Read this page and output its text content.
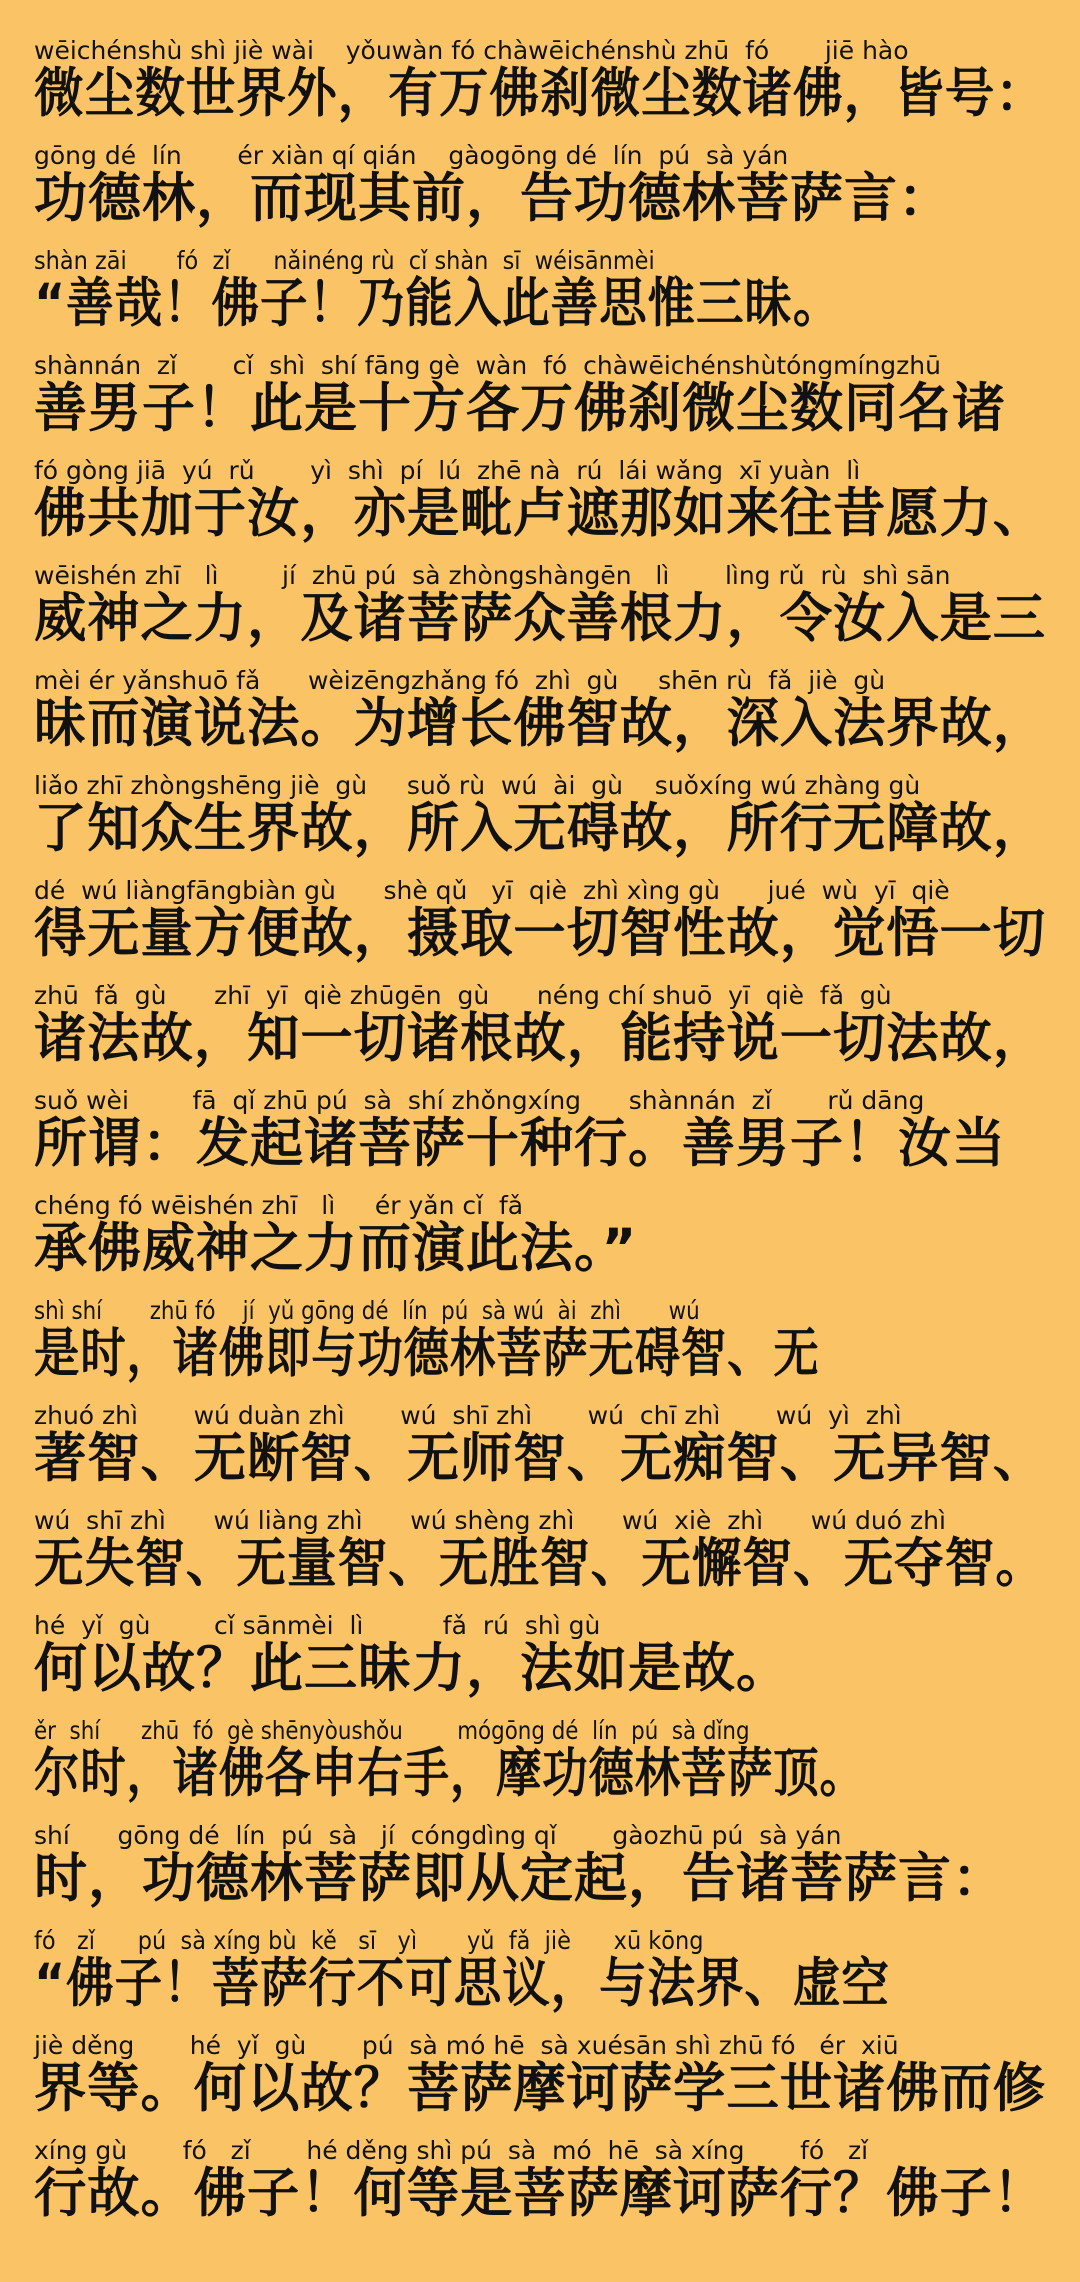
wēichénshù shì jiè wài    yǒuwàn fó chàwēichénshù zhū  fó       jiē hào
微尘数世界外，有万佛刹微尘数诸佛，皆号：
gōng dé  lín       ér xiàn qí qián    gàogōng dé  lín  pú  sà yán
功德林，而现其前，告功德林菩萨言：
shàn zāi       fó  zǐ      nǎinéng rù  cǐ shàn  sī  wéisānmèi
“善哉！佛子！乃能入此善思惟三昧。
shànnán  zǐ       cǐ  shì  shí fāng gè  wàn  fó  chàwēichénshùtóngmíngzhū
善男子！此是十方各万佛刹微尘数同名诸
fó gòng jiā  yú  rǔ       yì  shì  pí  lú  zhē nà  rú  lái wǎng  xī yuàn  lì
佛共加于汝，亦是毗卢遮那如来往昔愿力、
wēishén zhī   lì        jí  zhū pú  sà zhòngshàngēn   lì       lìng rǔ  rù  shì sān
威神之力，及诸菩萨众善根力，令汝入是三
mèi ér yǎnshuō fǎ      wèizēngzhǎng fó  zhì  gù     shēn rù  fǎ  jiè  gù
昧而演说法。为增长佛智故，深入法界故，
liǎo zhī zhòngshēng jiè  gù     suǒ rù  wú  ài  gù    suǒxíng wú zhàng gù
了知众生界故，所入无碍故，所行无障故，
dé  wú liàngfāngbiàn gù      shè qǔ   yī  qiè  zhì xìng gù      jué  wù  yī  qiè
得无量方便故，摄取一切智性故，觉悟一切
zhū  fǎ  gù      zhī  yī  qiè zhūgēn  gù      néng chí shuō  yī  qiè  fǎ  gù
诸法故，知一切诸根故，能持说一切法故，
suǒ wèi        fā  qǐ zhū pú  sà  shí zhǒngxíng      shànnán  zǐ       rǔ dāng
所谓：发起诸菩萨十种行。善男子！汝当
chéng fó wēishén zhī   lì     ér yǎn cǐ  fǎ
承佛威神之力而演此法。”
shì shí       zhū fó    jí  yǔ gōng dé  lín  pú  sà wú  ài  zhì       wú
是时，诸佛即与功德林菩萨无碍智、无
zhuó zhì       wú duàn zhì       wú  shī zhì       wú  chī zhì       wú  yì  zhì
著智、无断智、无师智、无痴智、无异智、
wú  shī zhì      wú liàng zhì      wú shèng zhì      wú  xiè  zhì      wú duó zhì
无失智、无量智、无胜智、无懈智、无夺智。
hé  yǐ  gù        cǐ sānmèi  lì          fǎ  rú  shì gù
何以故？此三昧力，法如是故。
ěr  shí      zhū  fó  gè shēnyòushǒu        mógōng dé  lín  pú  sà dǐng
尔时，诸佛各申右手，摩功德林菩萨顶。
shí      gōng dé  lín  pú  sà   jí  cóngdìng qǐ       gàozhū pú  sà yán
时，功德林菩萨即从定起，告诸菩萨言：
fó   zǐ      pú  sà xíng bù  kě   sī   yì       yǔ  fǎ  jiè      xū kōng
“佛子！菩萨行不可思议，与法界、虚空
jiè děng       hé  yǐ  gù       pú  sà mó hē  sà xuésān shì zhū fó   ér  xiū
界等。何以故？菩萨摩诃萨学三世诸佛而修
xíng gù       fó   zǐ       hé děng shì pú  sà  mó  hē  sà xíng       fó   zǐ
行故。佛子！何等是菩萨摩诃萨行？佛子！
